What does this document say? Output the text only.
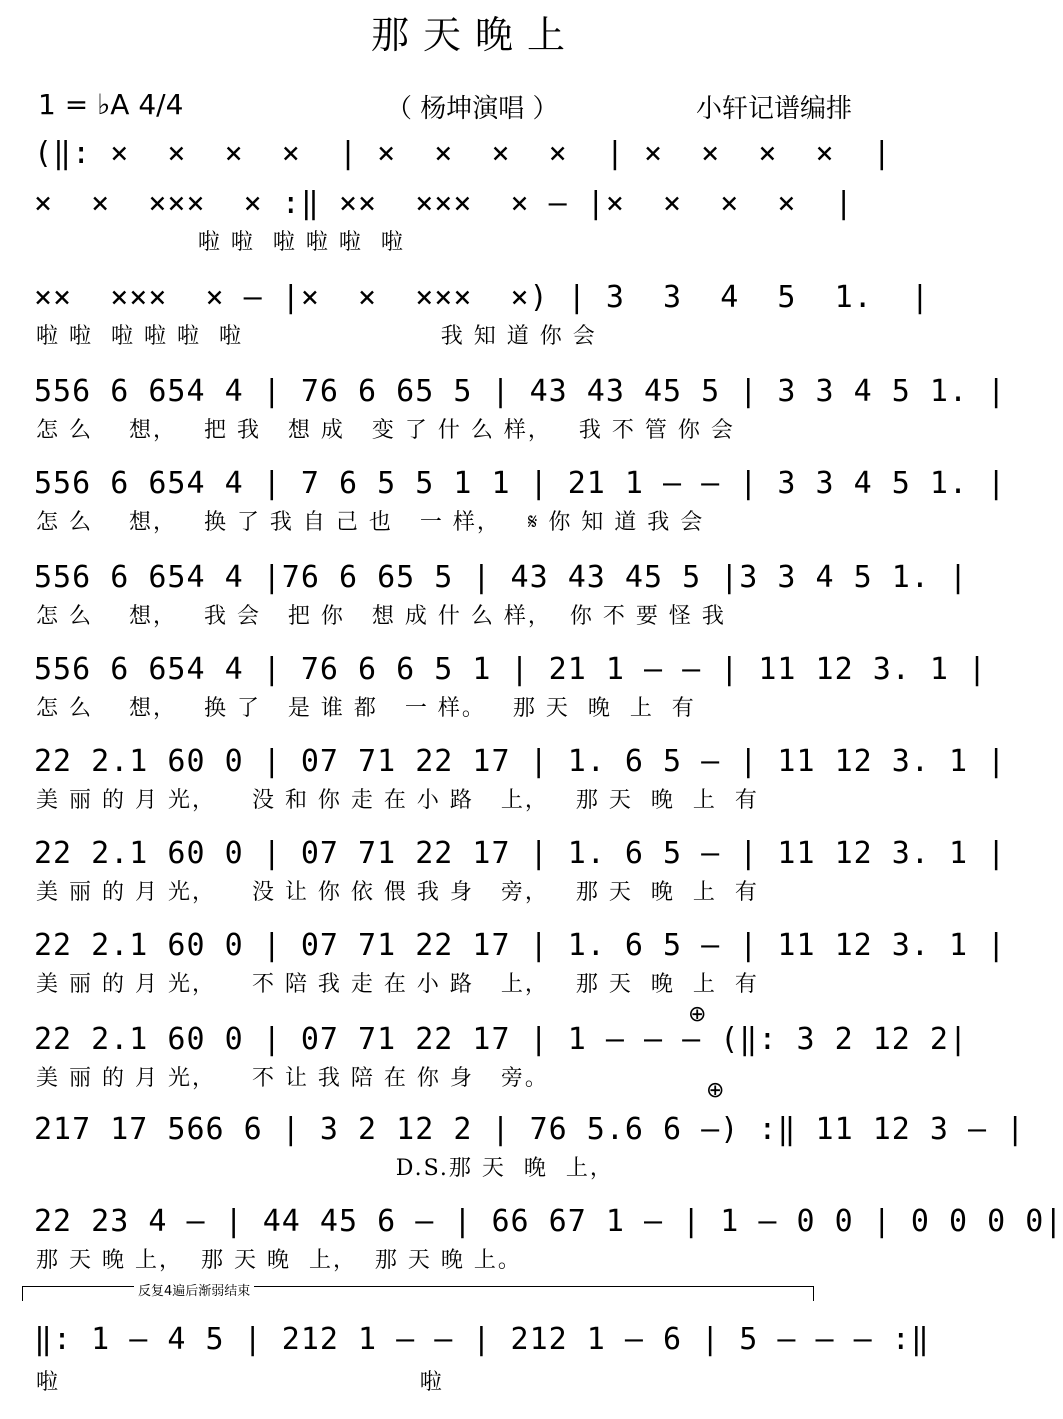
那天晚上
1 = ♭A 4/4	（ 杨坤演唱 ）	小轩记谱编排
(‖: ×  ×  ×  ×  | ×  ×  ×  ×  | ×  ×  ×  ×  |
×  ×  ×××  × :‖ ××  ×××  × — |×  ×  ×  ×  |
啦 啦  啦 啦 啦  啦
××  ×××  × — |×  ×  ×××  ×) | 3  3  4  5  1.  |
啦 啦  啦 啦 啦  啦                      我 知 道 你 会
556 6 654 4 | 76 6 65 5 | 43 43 45 5 | 3 3 4 5 1. |
怎 么    想，   把 我   想 成   变 了 什 么 样，   我 不 管 你 会
556 6 654 4 | 7 6 5 5 1 1 | 21 1 — — | 3 3 4 5 1. |
怎 么    想，   换 了 我 自 己 也   一 样，   𝄋 你 知 道 我 会
556 6 654 4 |76 6 65 5 | 43 43 45 5 |3 3 4 5 1. |
怎 么    想，   我 会   把 你   想 成 什 么 样，  你 不 要 怪 我
556 6 654 4 | 76 6 6 5 1 | 21 1 — — | 11 12 3. 1 |
怎 么    想，   换 了   是 谁 都   一 样。   那 天  晚  上  有
22 2.1 60 0 | 07 71 22 17 | 1. 6 5 — | 11 12 3. 1 |
美 丽 的 月 光，    没 和 你 走 在 小 路   上，   那 天  晚  上  有
22 2.1 60 0 | 07 71 22 17 | 1. 6 5 — | 11 12 3. 1 |
美 丽 的 月 光，    没 让 你 依 偎 我 身   旁，   那 天  晚  上  有
22 2.1 60 0 | 07 71 22 17 | 1. 6 5 — | 11 12 3. 1 |
美 丽 的 月 光，    不 陪 我 走 在 小 路   上，   那 天  晚  上  有
22 2.1 60 0 | 07 71 22 17 | 1 — — — (‖: 3 2 12 2|
美 丽 的 月 光，    不 让 我 陪 在 你 身   旁。
217 17 566 6 | 3 2 12 2 | 76 5.6 6 —) :‖ 11 12 3 — |
D.S.那 天  晚  上，
22 23 4 — | 44 45 6 — | 66 67 1 — | 1 — 0 0 | 0 0 0 0|
那 天 晚 上，  那 天 晚  上，  那 天 晚 上。
反复4遍后渐弱结束
‖: 1 — 4 5 | 212 1 — — | 212 1 — 6 | 5 — — — :‖
啦                                        啦
⊕
⊕
